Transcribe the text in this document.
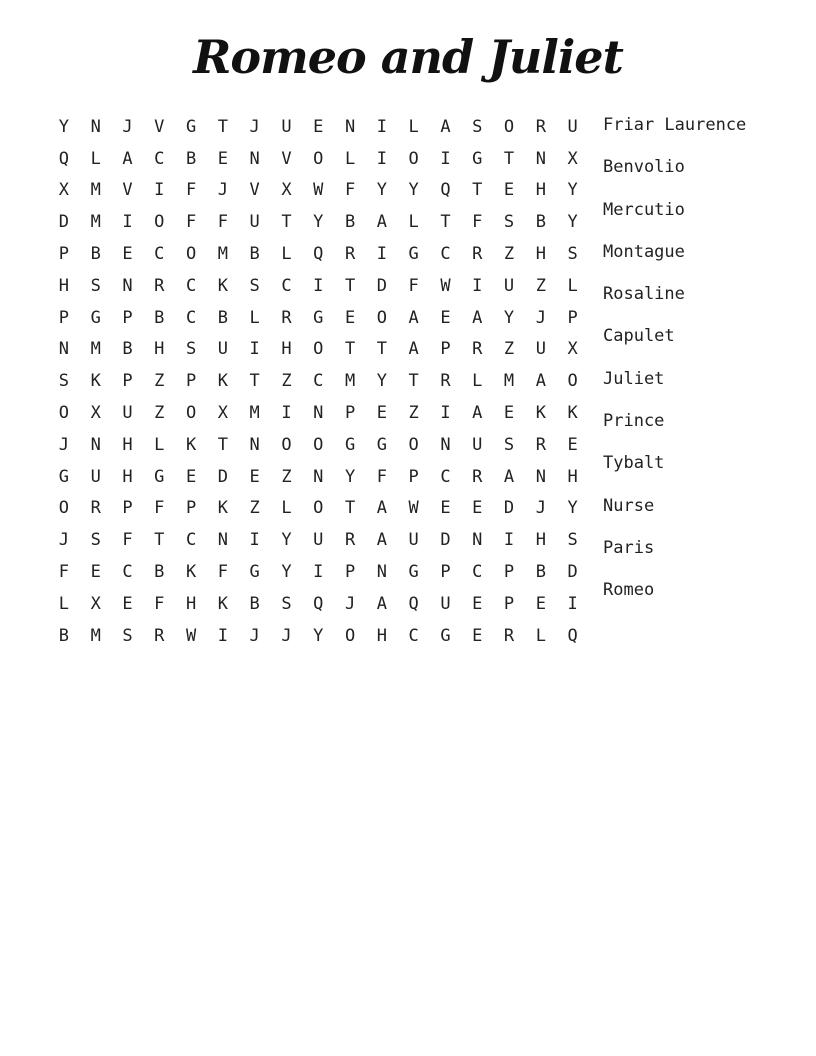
Romeo and Juliet
Y	N	J	V	G	T	J	U	E	N	I	L	A	S	O	R	U
Q	L	A	C	B	E	N	V	O	L	I	O	I	G	T	N	X
X	M	V	I	F	J	V	X	W	F	Y	Y	Q	T	E	H	Y
D	M	I	O	F	F	U	T	Y	B	A	L	T	F	S	B	Y
P	B	E	C	O	M	B	L	Q	R	I	G	C	R	Z	H	S
H	S	N	R	C	K	S	C	I	T	D	F	W	I	U	Z	L
P	G	P	B	C	B	L	R	G	E	O	A	E	A	Y	J	P
N	M	B	H	S	U	I	H	O	T	T	A	P	R	Z	U	X
S	K	P	Z	P	K	T	Z	C	M	Y	T	R	L	M	A	O
O	X	U	Z	O	X	M	I	N	P	E	Z	I	A	E	K	K
J	N	H	L	K	T	N	O	O	G	G	O	N	U	S	R	E
G	U	H	G	E	D	E	Z	N	Y	F	P	C	R	A	N	H
O	R	P	F	P	K	Z	L	O	T	A	W	E	E	D	J	Y
J	S	F	T	C	N	I	Y	U	R	A	U	D	N	I	H	S
F	E	C	B	K	F	G	Y	I	P	N	G	P	C	P	B	D
L	X	E	F	H	K	B	S	Q	J	A	Q	U	E	P	E	I
B	M	S	R	W	I	J	J	Y	O	H	C	G	E	R	L	Q
Friar Laurence
Benvolio
Mercutio
Montague
Rosaline
Capulet
Juliet
Prince
Tybalt
Nurse
Paris
Romeo
